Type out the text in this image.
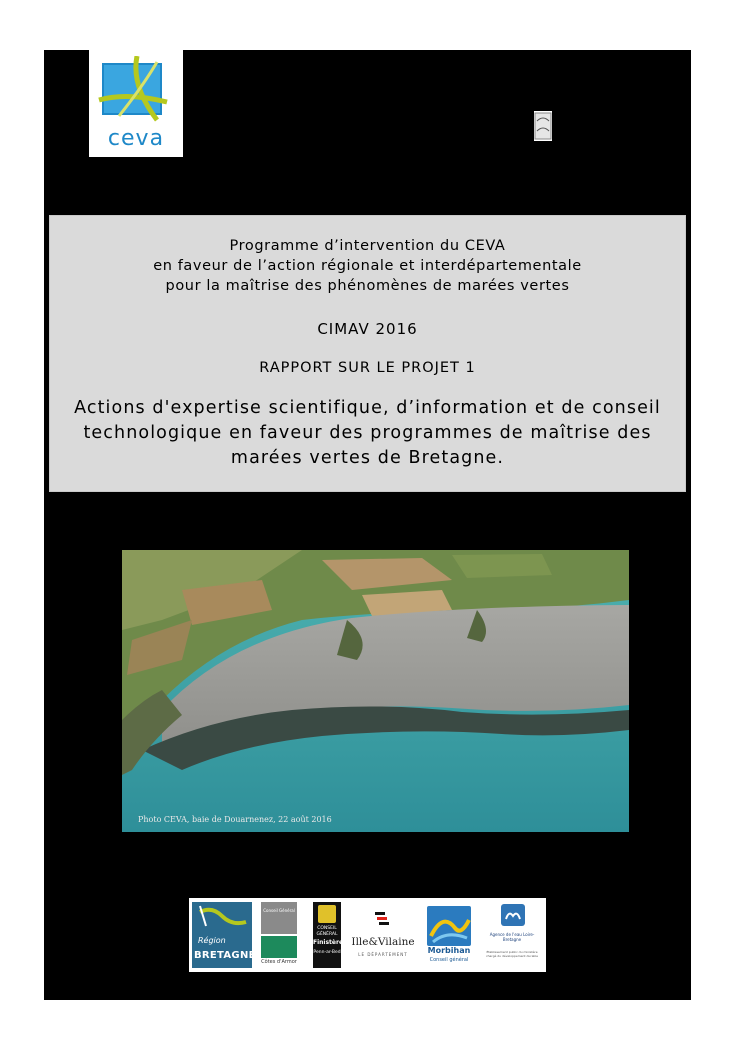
ceva
Programme d’intervention du CEVA
en faveur de l’action régionale et interdépartementale
pour la maîtrise des phénomènes de marées vertes
CIMAV 2016
RAPPORT SUR LE PROJET 1
Actions d'expertise scientifique, d’information et de conseil
technologique en faveur des programmes de maîtrise des
marées vertes de Bretagne.
Photo CEVA, baie de Douarnenez, 22 août 2016
Région
BRETAGNE
Conseil Général
Côtes d'Armor
CONSEIL
GÉNÉRAL
Finistère
Penn-ar-Bed
Ille&Vilaine
LE DÉPARTEMENT	Morbihan
Conseil général
Agence de l'eau Loire-Bretagne
Établissement public du ministère chargé du développement durable
